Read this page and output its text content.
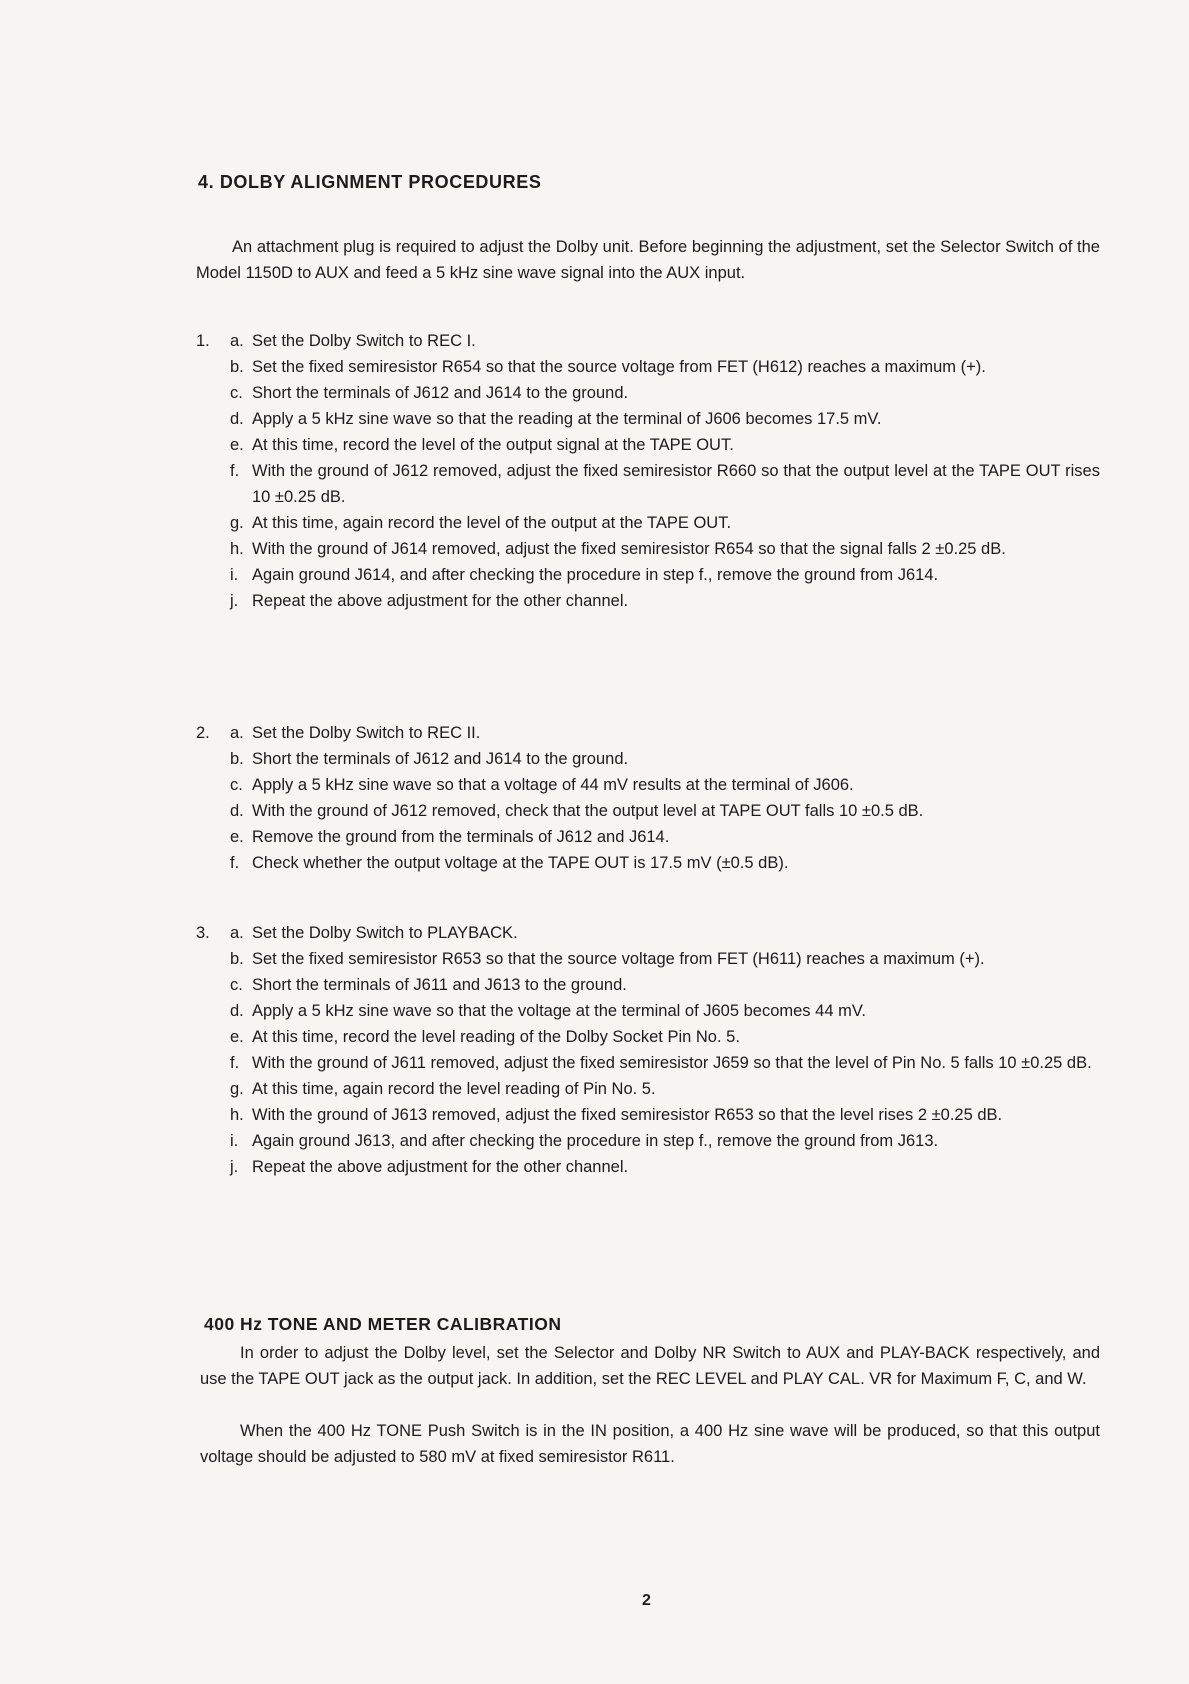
4. DOLBY ALIGNMENT PROCEDURES

An attachment plug is required to adjust the Dolby unit. Before beginning the adjustment, set the Selector Switch of the Model 1150D to AUX and feed a 5 kHz sine wave signal into the AUX input.

1.	a. Set the Dolby Switch to REC I.
b. Set the fixed semiresistor R654 so that the source voltage from FET (H612) reaches a maximum (+).
c. Short the terminals of J612 and J614 to the ground.
d. Apply a 5 kHz sine wave so that the reading at the terminal of J606 becomes 17.5 mV.
e. At this time, record the level of the output signal at the TAPE OUT.
f. With the ground of J612 removed, adjust the fixed semiresistor R660 so that the output level at the TAPE OUT rises 10 ±0.25 dB.
g. At this time, again record the level of the output at the TAPE OUT.
h. With the ground of J614 removed, adjust the fixed semiresistor R654 so that the signal falls 2 ±0.25 dB.
i. Again ground J614, and after checking the procedure in step f., remove the ground from J614.
j. Repeat the above adjustment for the other channel.
2.	a. Set the Dolby Switch to REC II.
b. Short the terminals of J612 and J614 to the ground.
c. Apply a 5 kHz sine wave so that a voltage of 44 mV results at the terminal of J606.
d. With the ground of J612 removed, check that the output level at TAPE OUT falls 10 ±0.5 dB.
e. Remove the ground from the terminals of J612 and J614.
f. Check whether the output voltage at the TAPE OUT is 17.5 mV (±0.5 dB).
3.	a. Set the Dolby Switch to PLAYBACK.
b. Set the fixed semiresistor R653 so that the source voltage from FET (H611) reaches a maximum (+).
c. Short the terminals of J611 and J613 to the ground.
d. Apply a 5 kHz sine wave so that the voltage at the terminal of J605 becomes 44 mV.
e. At this time, record the level reading of the Dolby Socket Pin No. 5.
f. With the ground of J611 removed, adjust the fixed semiresistor J659 so that the level of Pin No. 5 falls 10 ±0.25 dB.
g. At this time, again record the level reading of Pin No. 5.
h. With the ground of J613 removed, adjust the fixed semiresistor R653 so that the level rises 2 ±0.25 dB.
i. Again ground J613, and after checking the procedure in step f., remove the ground from J613.
j. Repeat the above adjustment for the other channel.
400 Hz TONE AND METER CALIBRATION

In order to adjust the Dolby level, set the Selector and Dolby NR Switch to AUX and PLAY-BACK respectively, and use the TAPE OUT jack as the output jack. In addition, set the REC LEVEL and PLAY CAL. VR for Maximum F, C, and W.

When the 400 Hz TONE Push Switch is in the IN position, a 400 Hz sine wave will be produced, so that this output voltage should be adjusted to 580 mV at fixed semiresistor R611.

2
